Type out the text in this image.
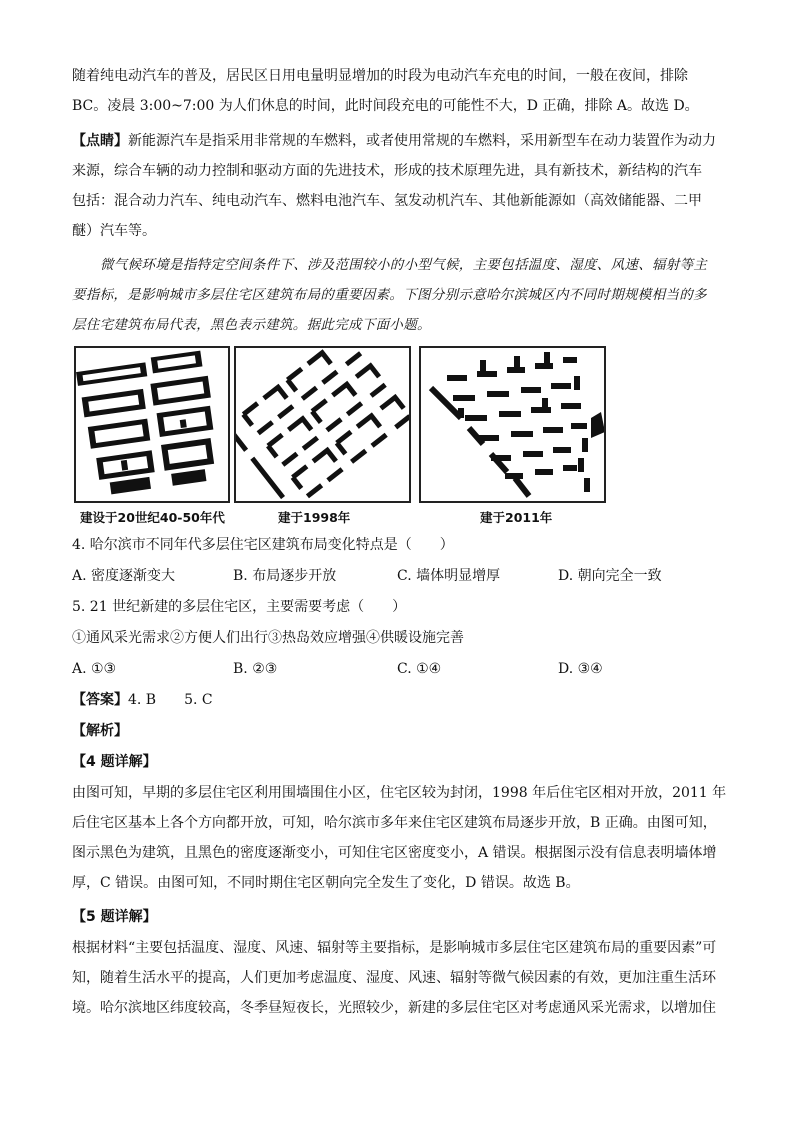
随着纯电动汽车的普及，居民区日用电量明显增加的时段为电动汽车充电的时间，一般在夜间，排除
BC。凌晨 3:00~7:00 为人们休息的时间，此时间段充电的可能性不大，D 正确，排除 A。故选 D。
【点睛】新能源汽车是指采用非常规的车燃料，或者使用常规的车燃料，采用新型车在动力装置作为动力
来源，综合车辆的动力控制和驱动方面的先进技术，形成的技术原理先进，具有新技术，新结构的汽车
包括：混合动力汽车、纯电动汽车、燃料电池汽车、氢发动机汽车、其他新能源如（高效储能器、二甲
醚）汽车等。
微气候环境是指特定空间条件下、涉及范围较小的小型气候，主要包括温度、湿度、风速、辐射等主
要指标，是影响城市多层住宅区建筑布局的重要因素。下图分别示意哈尔滨城区内不同时期规模相当的多
层住宅建筑布局代表，黑色表示建筑。据此完成下面小题。
建设于20世纪40-50年代	建于1998年	建于2011年
4. 哈尔滨市不同年代多层住宅区建筑布局变化特点是（　　）
A. 密度逐渐变大	B. 布局逐步开放	C. 墙体明显增厚	D. 朝向完全一致
5. 21 世纪新建的多层住宅区，主要需要考虑（　　）
①通风采光需求②方便人们出行③热岛效应增强④供暖设施完善
A. ①③	B. ②③	C. ①④	D. ③④
【答案】4. B　　5. C
【解析】
【4 题详解】
由图可知，早期的多层住宅区利用围墙围住小区，住宅区较为封闭，1998 年后住宅区相对开放，2011 年
后住宅区基本上各个方向都开放，可知，哈尔滨市多年来住宅区建筑布局逐步开放，B 正确。由图可知，
图示黑色为建筑，且黑色的密度逐渐变小，可知住宅区密度变小，A 错误。根据图示没有信息表明墙体增
厚，C 错误。由图可知，不同时期住宅区朝向完全发生了变化，D 错误。故选 B。
【5 题详解】
根据材料“主要包括温度、湿度、风速、辐射等主要指标，是影响城市多层住宅区建筑布局的重要因素”可
知，随着生活水平的提高，人们更加考虑温度、湿度、风速、辐射等微气候因素的有效，更加注重生活环
境。哈尔滨地区纬度较高，冬季昼短夜长，光照较少，新建的多层住宅区对考虑通风采光需求，以增加住
